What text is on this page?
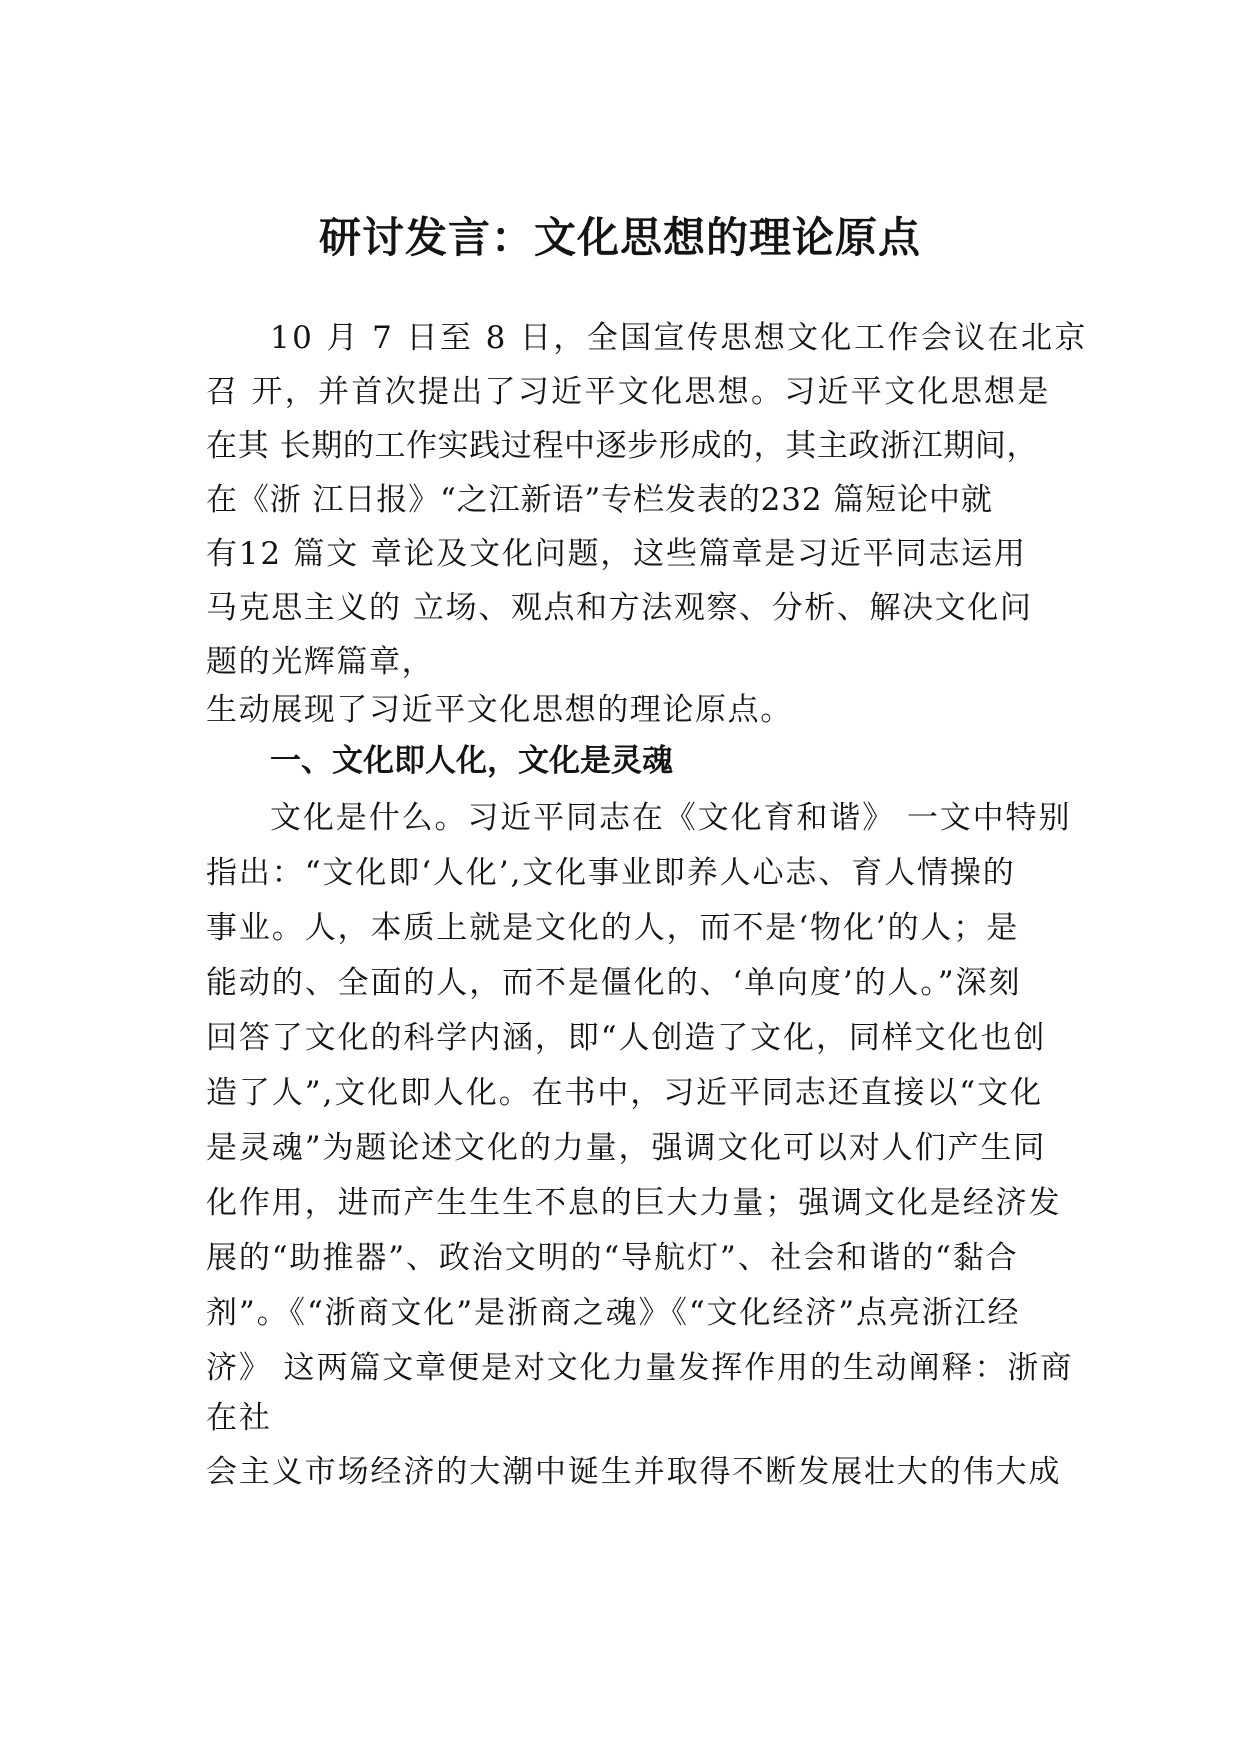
研讨发言：文化思想的理论原点

10 月 7 日至 8 日，全国宣传思想文化工作会议在北京

召 开，并首次提出了习近平文化思想。习近平文化思想是

在其 长期的工作实践过程中逐步形成的，其主政浙江期间，

在《浙 江日报》“之江新语”专栏发表的232 篇短论中就

有12 篇文 章论及文化问题，这些篇章是习近平同志运用

马克思主义的 立场、观点和方法观察、分析、解决文化问

题的光辉篇章，

生动展现了习近平文化思想的理论原点。

一、文化即人化，文化是灵魂

文化是什么。习近平同志在《文化育和谐》 一文中特别

指出：“文化即‘人化’,文化事业即养人心志、育人情操的

事业。人，本质上就是文化的人，而不是‘物化’的人；是

能动的、全面的人，而不是僵化的、‘单向度’的人。”深刻

回答了文化的科学内涵，即“人创造了文化，同样文化也创

造了人”,文化即人化。在书中，习近平同志还直接以“文化

是灵魂”为题论述文化的力量，强调文化可以对人们产生同

化作用，进而产生生生不息的巨大力量；强调文化是经济发

展的“助推器”、政治文明的“导航灯”、社会和谐的“黏合

剂”。《“浙商文化”是浙商之魂》《“文化经济”点亮浙江经

济》 这两篇文章便是对文化力量发挥作用的生动阐释：浙商

在社

会主义市场经济的大潮中诞生并取得不断发展壮大的伟大成
